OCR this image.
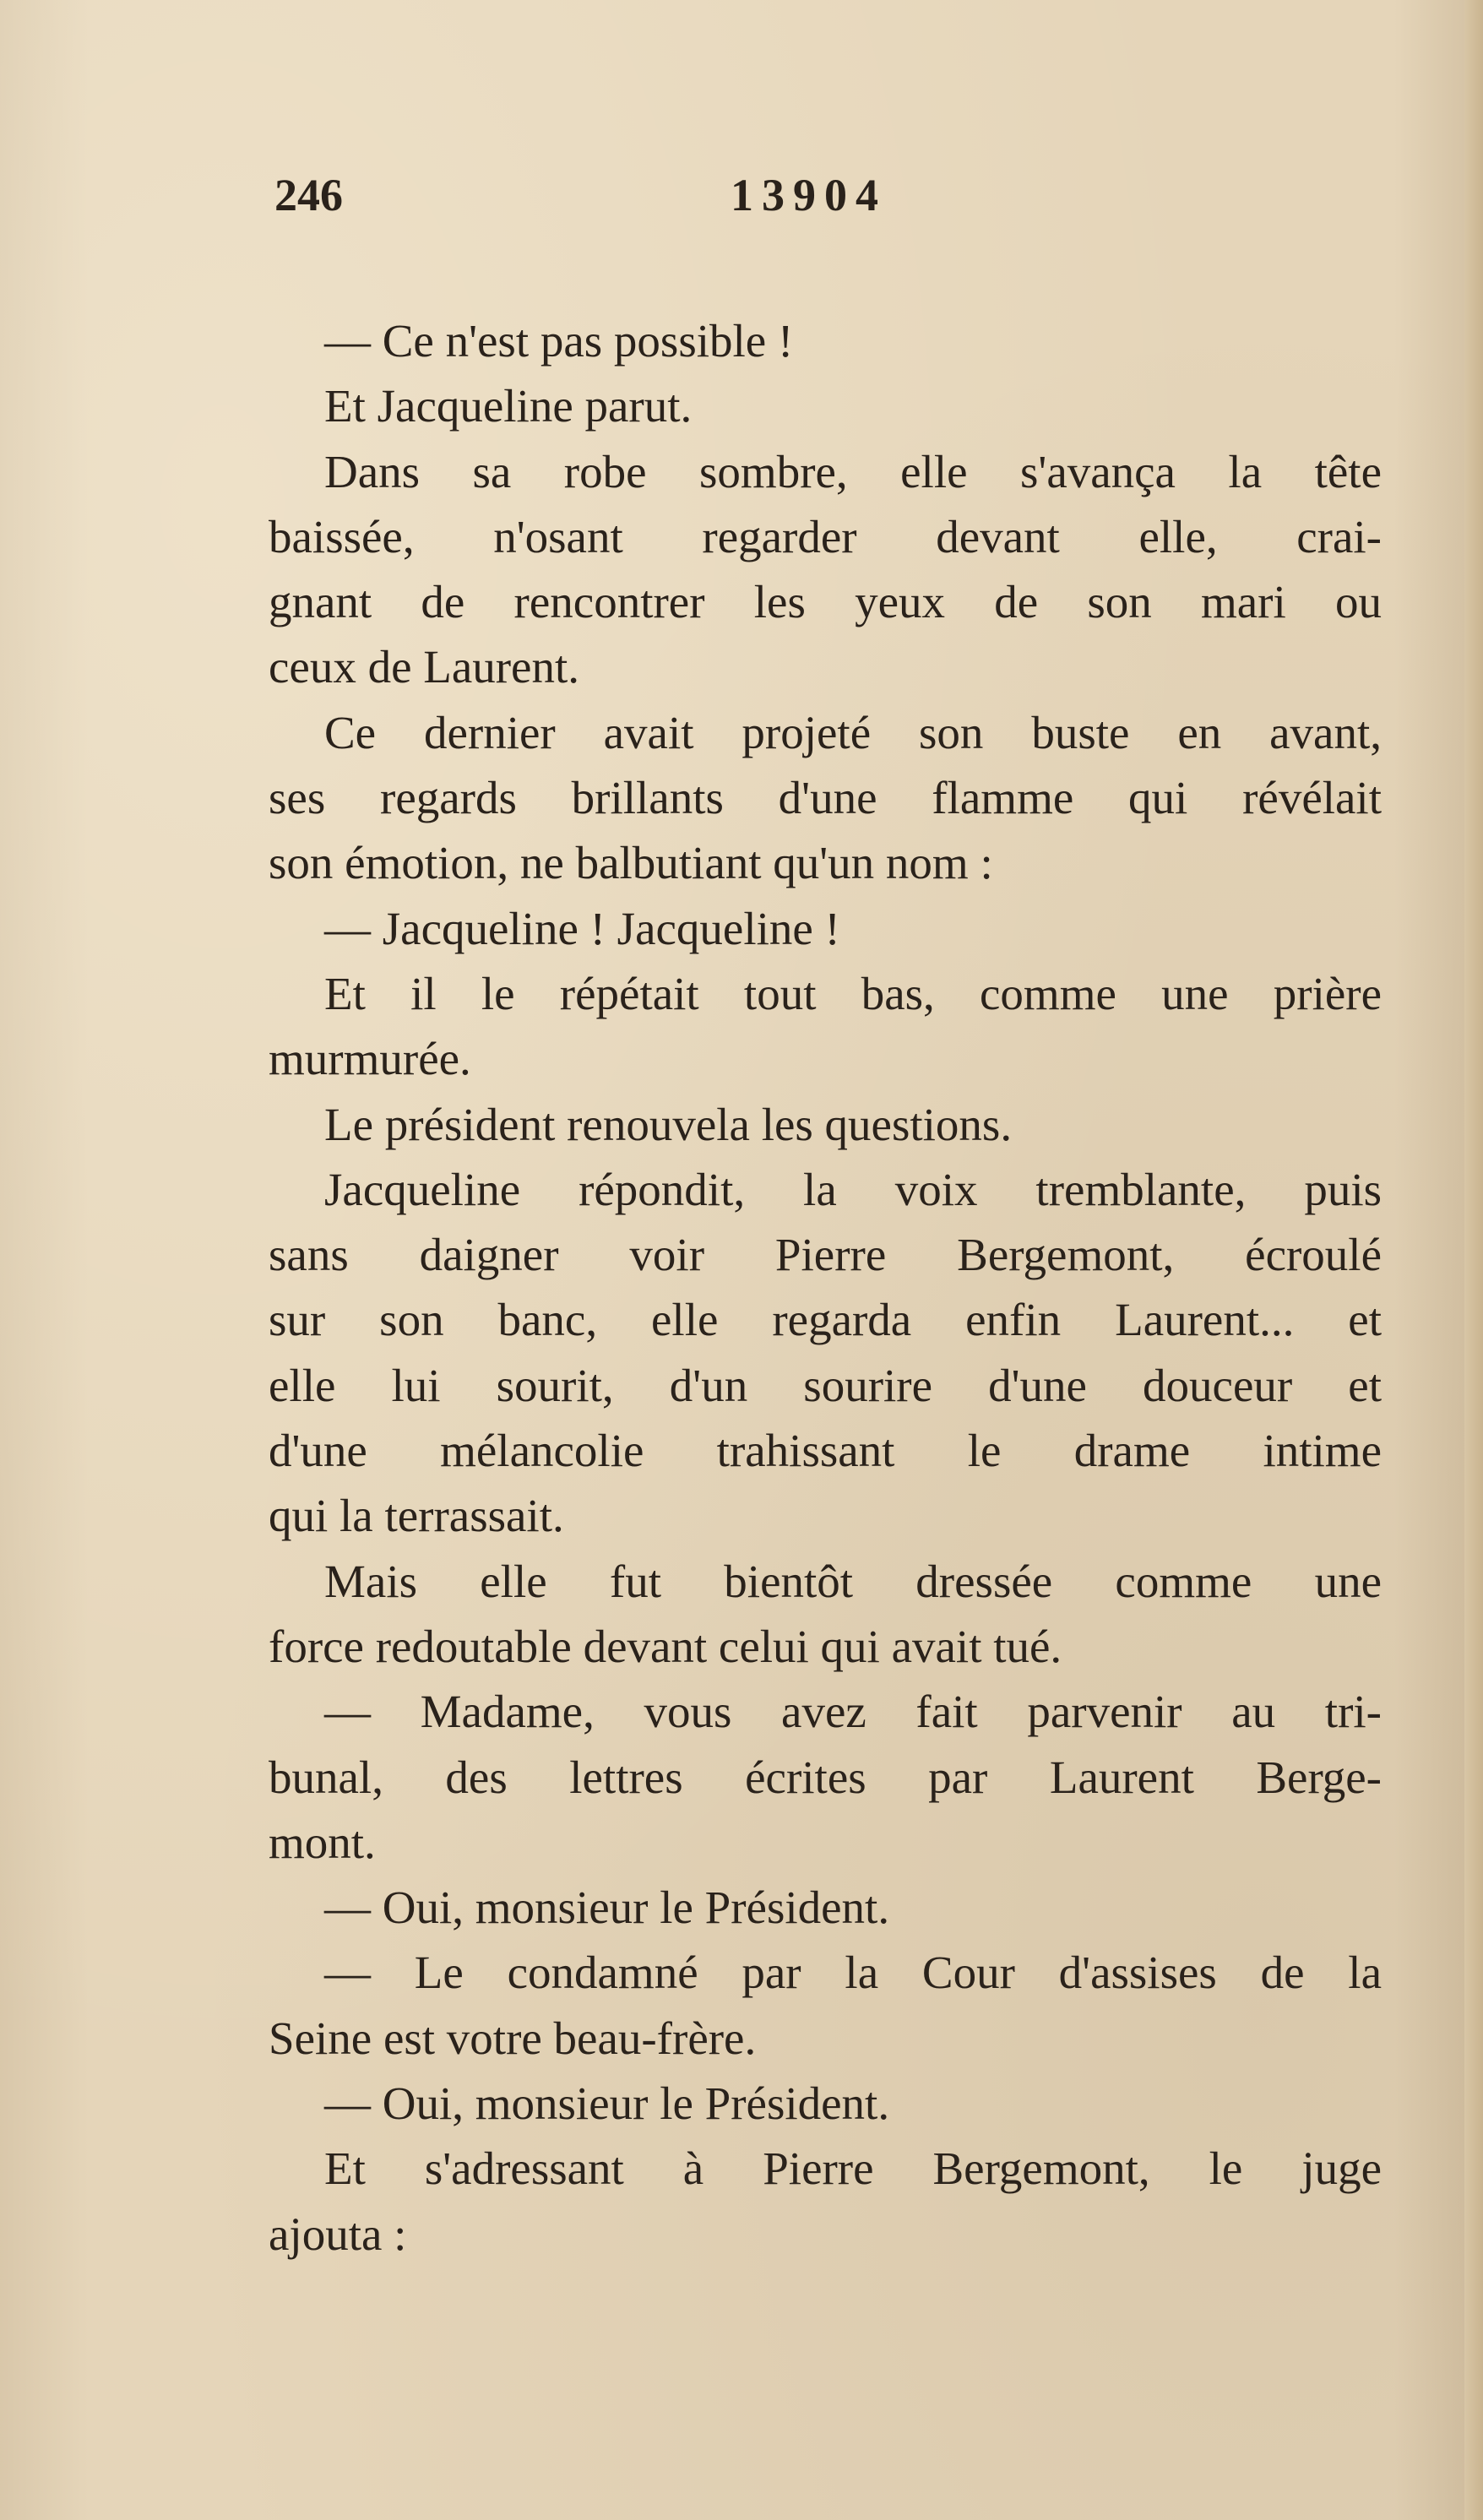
246	13904
— Ce n'est pas possible !
Et Jacqueline parut.
Dans sa robe sombre, elle s'avança la tête
baissée, n'osant regarder devant elle, crai-
gnant de rencontrer les yeux de son mari ou
ceux de Laurent.
Ce dernier avait projeté son buste en avant,
ses regards brillants d'une flamme qui révélait
son émotion, ne balbutiant qu'un nom :
— Jacqueline ! Jacqueline !
Et il le répétait tout bas, comme une prière
murmurée.
Le président renouvela les questions.
Jacqueline répondit, la voix tremblante, puis
sans daigner voir Pierre Bergemont, écroulé
sur son banc, elle regarda enfin Laurent... et
elle lui sourit, d'un sourire d'une douceur et
d'une mélancolie trahissant le drame intime
qui la terrassait.
Mais elle fut bientôt dressée comme une
force redoutable devant celui qui avait tué.
— Madame, vous avez fait parvenir au tri-
bunal, des lettres écrites par Laurent Berge-
mont.
— Oui, monsieur le Président.
— Le condamné par la Cour d'assises de la
Seine est votre beau-frère.
— Oui, monsieur le Président.
Et s'adressant à Pierre Bergemont, le juge
ajouta :
